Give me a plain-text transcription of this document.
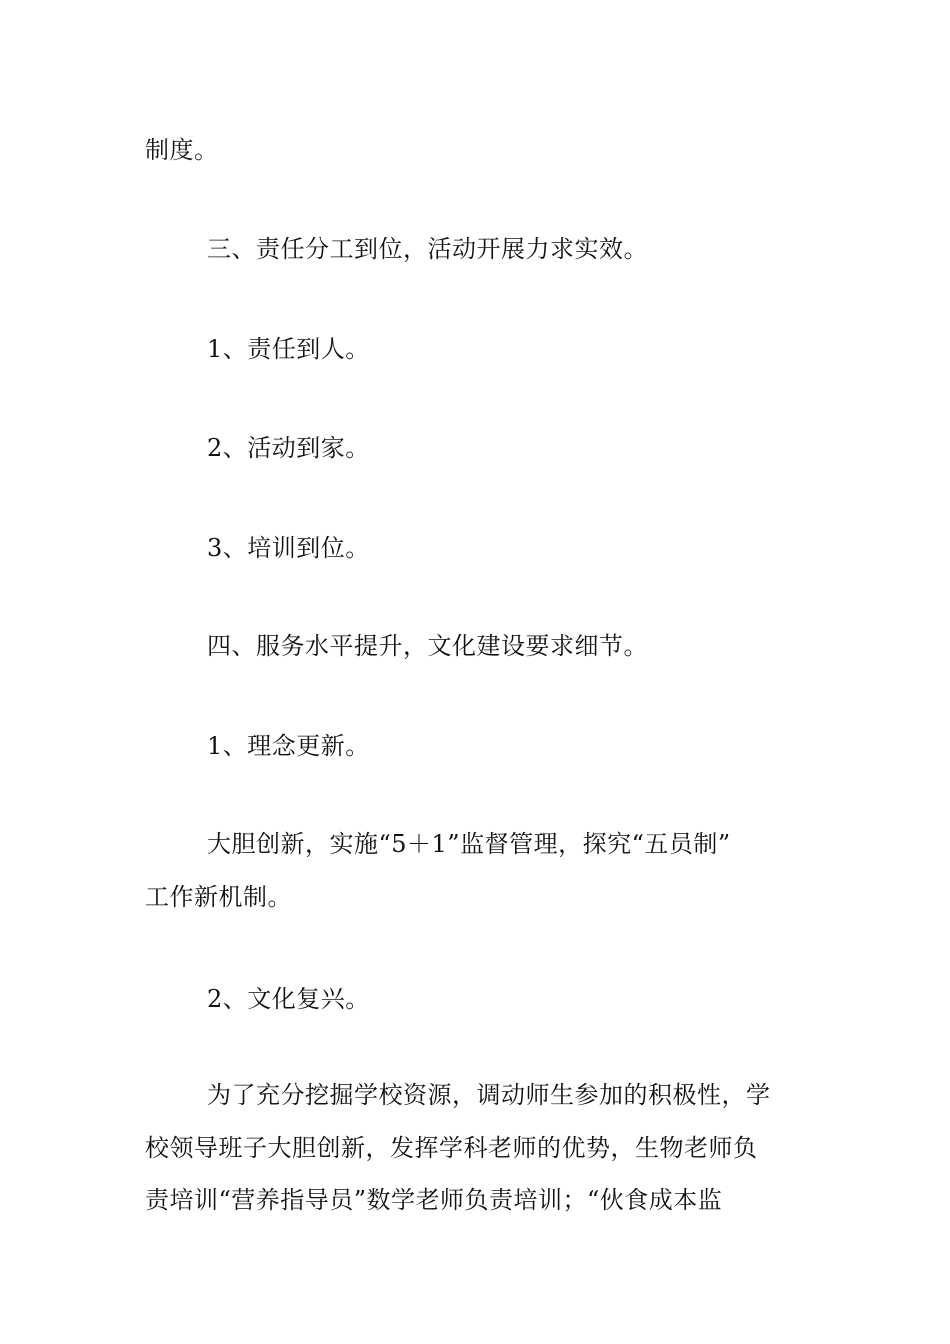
制度。
三、责任分工到位，活动开展力求实效。
1、责任到人。
2、活动到家。
3、培训到位。
四、服务水平提升，文化建设要求细节。
1、理念更新。
大胆创新，实施“5＋1”监督管理，探究“五员制”
工作新机制。
2、文化复兴。
为了充分挖掘学校资源，调动师生参加的积极性，学
校领导班子大胆创新，发挥学科老师的优势，生物老师负
责培训“营养指导员”数学老师负责培训；“伙食成本监
